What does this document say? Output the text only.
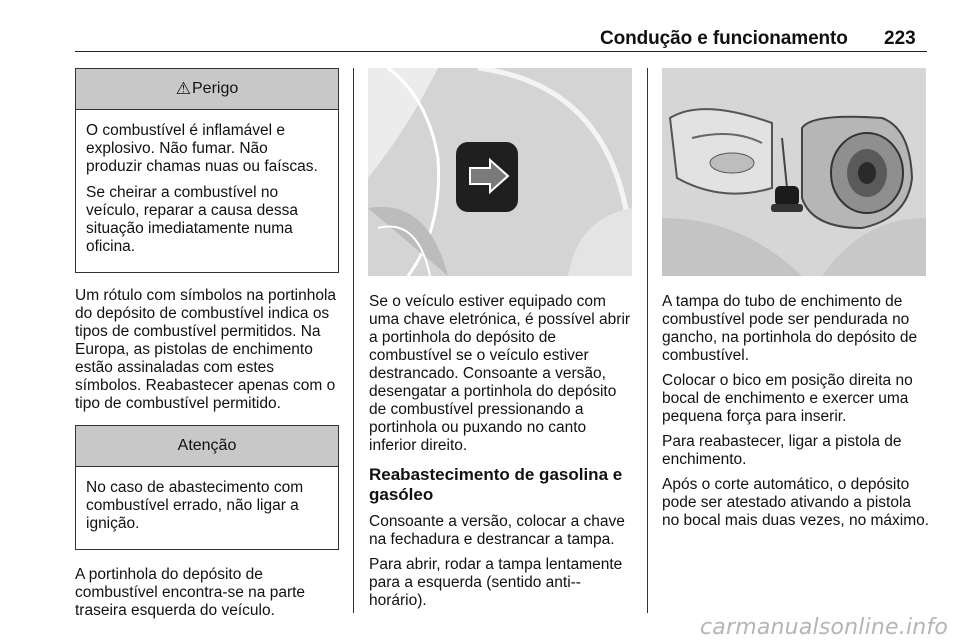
Condução e funcionamento 223
⚠ Perigo

O combustível é inflamável e explosivo. Não fumar. Não produzir chamas nuas ou faíscas.

Se cheirar a combustível no veículo, reparar a causa dessa situação imediatamente numa oficina.

Um rótulo com símbolos na portinhola do depósito de combustível indica os tipos de combustível permitidos. Na Europa, as pistolas de enchimento estão assinaladas com estes símbolos. Reabastecer apenas com o tipo de combustível permitido.

Atenção

No caso de abastecimento com combustível errado, não ligar a ignição.

A portinhola do depósito de combustível encontra-se na parte traseira esquerda do veículo.

Se o veículo estiver equipado com uma chave eletrónica, é possível abrir a portinhola do depósito de combustível se o veículo estiver destrancado. Consoante a versão, desengatar a portinhola do depósito de combustível pressionando a portinhola ou puxando no canto inferior direito.

Reabastecimento de gasolina e gasóleo

Consoante a versão, colocar a chave na fechadura e destrancar a tampa.

Para abrir, rodar a tampa lentamente para a esquerda (sentido anti--horário).

A tampa do tubo de enchimento de combustível pode ser pendurada no gancho, na portinhola do depósito de combustível.

Colocar o bico em posição direita no bocal de enchimento e exercer uma pequena força para inserir.

Para reabastecer, ligar a pistola de enchimento.

Após o corte automático, o depósito pode ser atestado ativando a pistola no bocal mais duas vezes, no máximo.

carmanualsonline.info
